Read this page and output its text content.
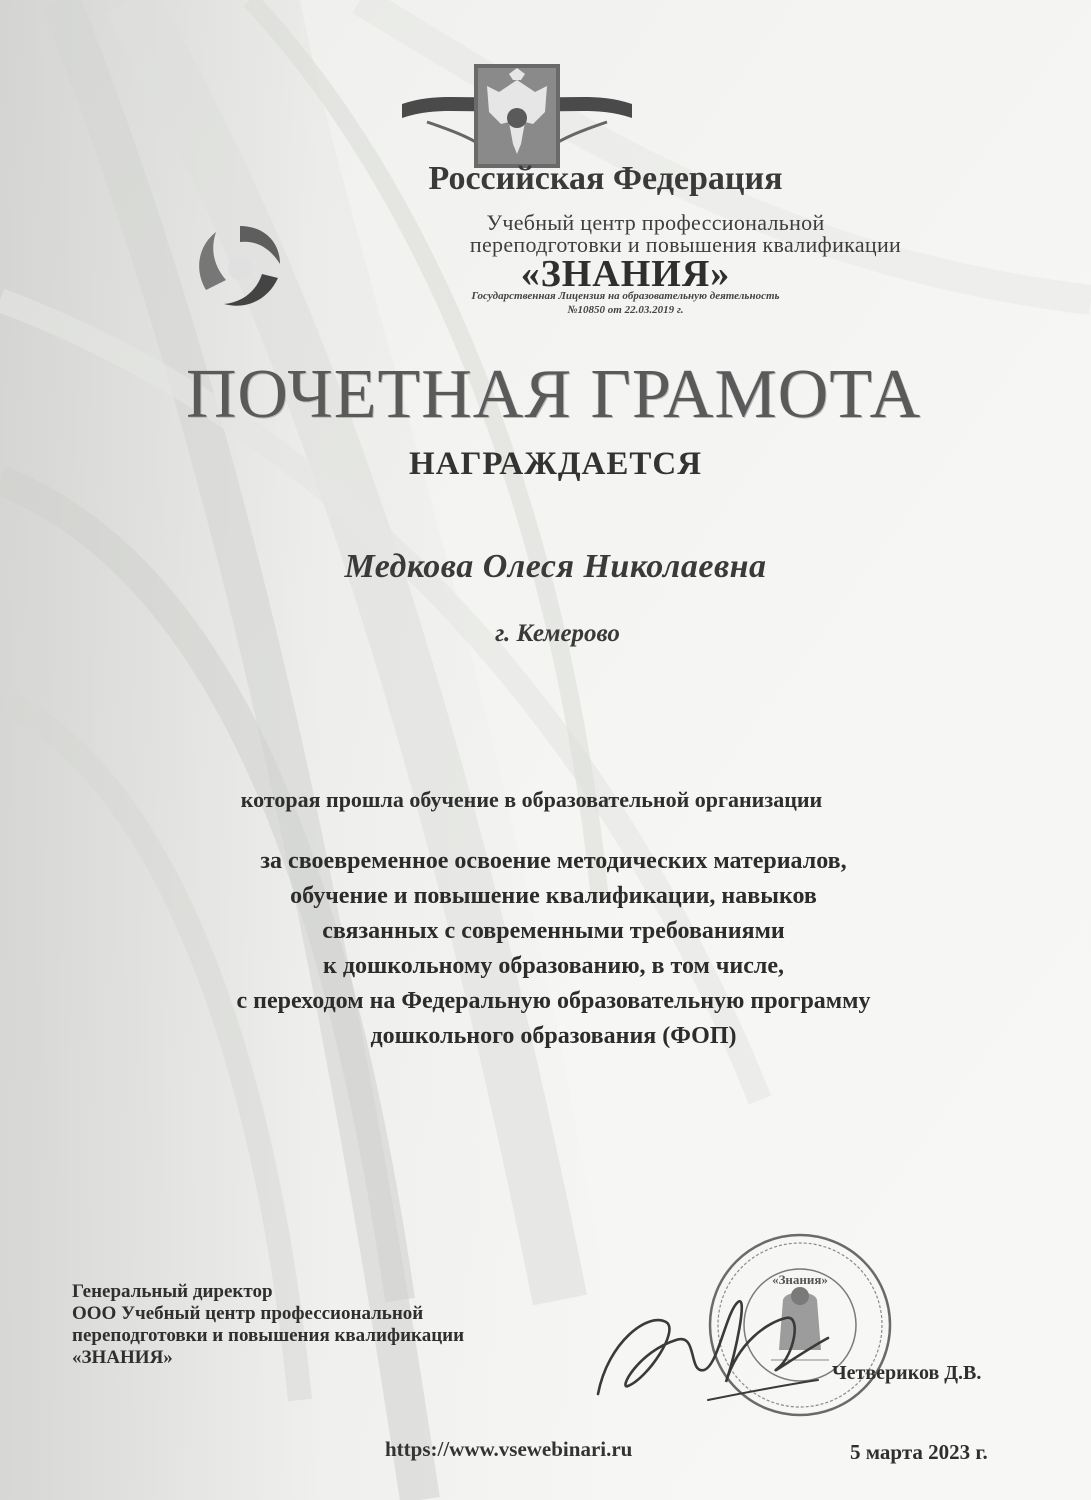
Российская Федерация
Учебный центр профессиональной
переподготовки и повышения квалификации
«ЗНАНИЯ»
Государственная Лицензия на образовательную деятельность
№10850 от 22.03.2019 г.
ПОЧЕТНАЯ ГРАМОТА
НАГРАЖДАЕТСЯ
Медкова Олеся Николаевна
г. Кемерово
которая прошла обучение в образовательной организации
за своевременное освоение методических материалов,
обучение и повышение квалификации, навыков
связанных с современными требованиями
к дошкольному образованию, в том числе,
с переходом на Федеральную образовательную программу
дошкольного образования (ФОП)
Генеральный директор
ООО Учебный центр профессиональной
переподготовки и повышения квалификации
«ЗНАНИЯ»
«Знания»
Четвериков Д.В.
https://www.vsewebinari.ru	5 марта 2023 г.
